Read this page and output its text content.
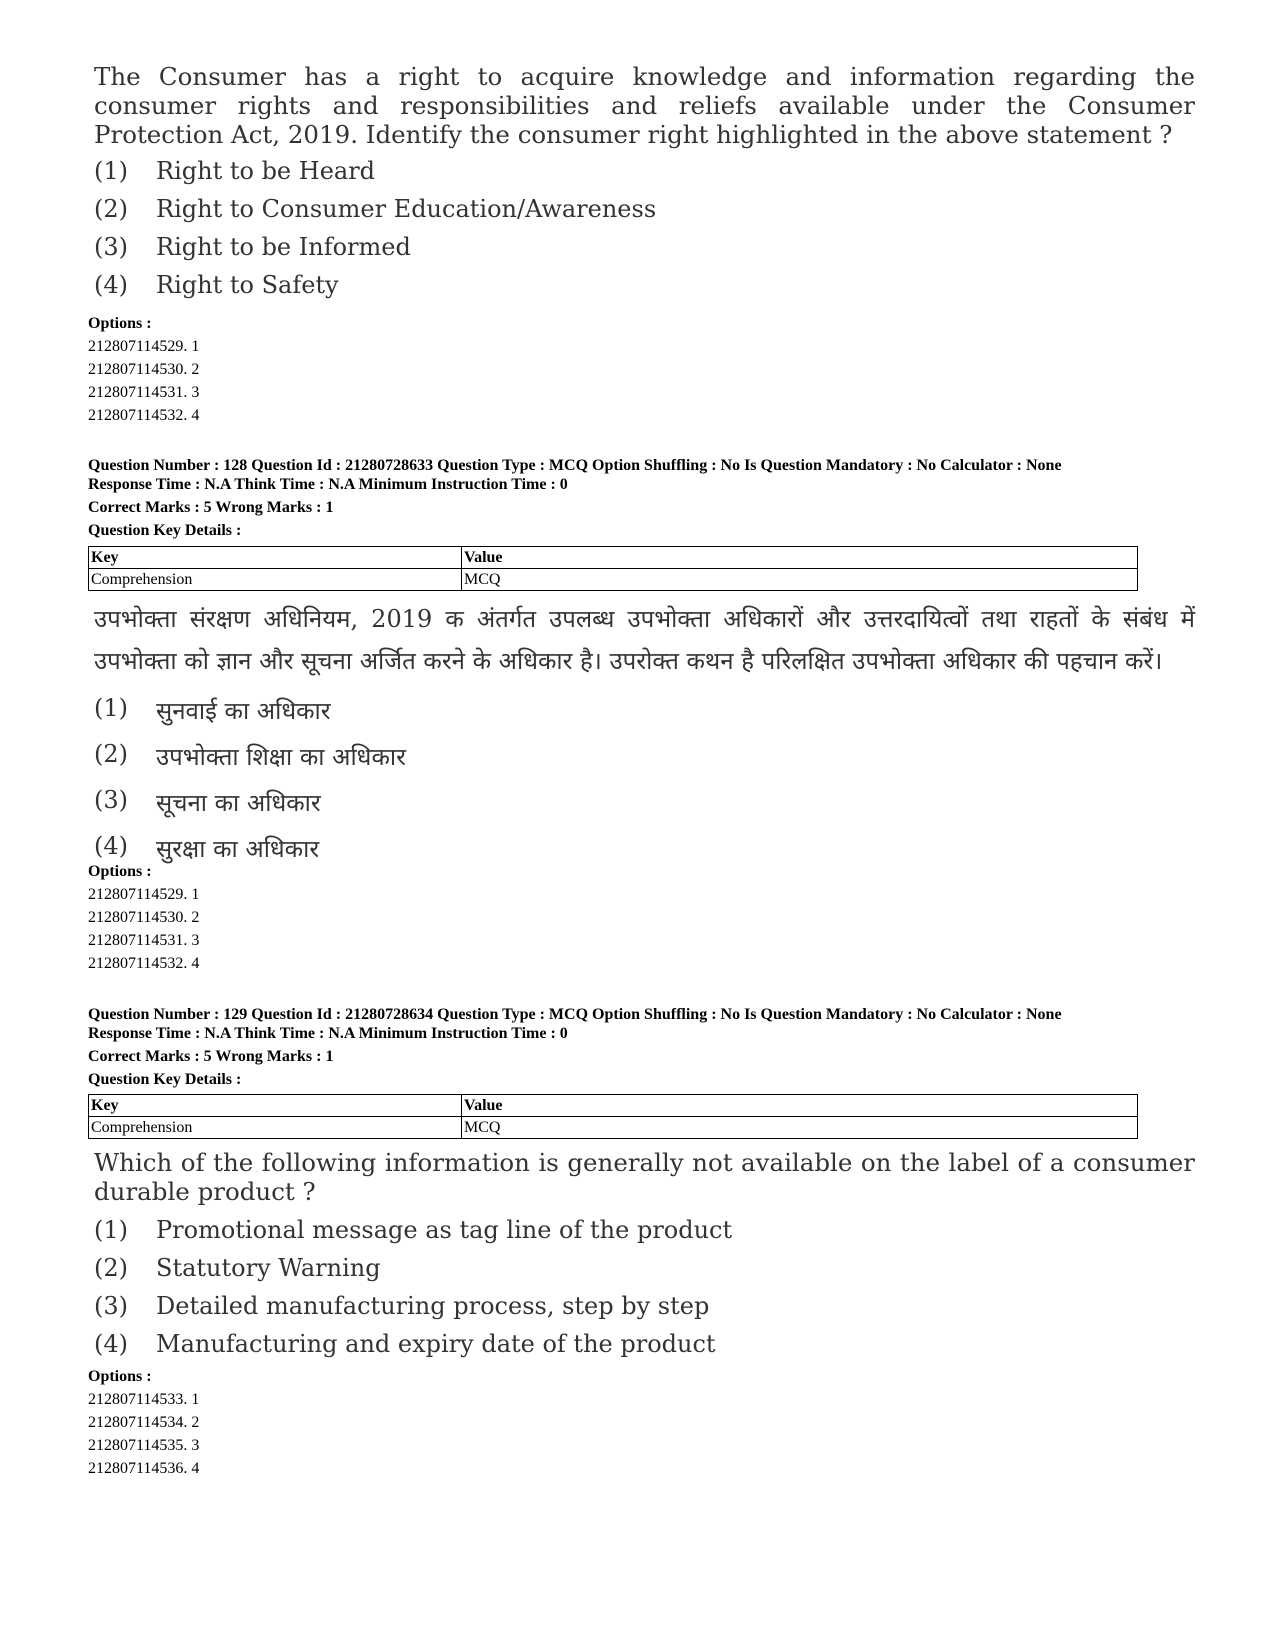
The Consumer has a right to acquire knowledge and information regarding the consumer rights and responsibilities and reliefs available under the Consumer Protection Act, 2019. Identify the consumer right highlighted in the above statement ?

(1)	Right to be Heard
(2)	Right to Consumer Education/Awareness
(3)	Right to be Informed
(4)	Right to Safety
Options :
212807114529. 1
212807114530. 2
212807114531. 3
212807114532. 4
Question Number : 128 Question Id : 21280728633 Question Type : MCQ Option Shuffling : No Is Question Mandatory : No Calculator : None
Response Time : N.A Think Time : N.A Minimum Instruction Time : 0
Correct Marks : 5 Wrong Marks : 1
Question Key Details :
Key	Value
Comprehension	MCQ

उपभोक्ता संरक्षण अधिनियम, 2019 क अंतर्गत उपलब्ध उपभोक्ता अधिकारों और उत्तरदायित्वों तथा राहतों के संबंध में उपभोक्ता को ज्ञान और सूचना अर्जित करने के अधिकार है। उपरोक्त कथन है परिलक्षित उपभोक्ता अधिकार की पहचान करें।

(1)	सुनवाई का अधिकार
(2)	उपभोक्ता शिक्षा का अधिकार
(3)	सूचना का अधिकार
(4)	सुरक्षा का अधिकार
Options :
212807114529. 1
212807114530. 2
212807114531. 3
212807114532. 4
Question Number : 129 Question Id : 21280728634 Question Type : MCQ Option Shuffling : No Is Question Mandatory : No Calculator : None
Response Time : N.A Think Time : N.A Minimum Instruction Time : 0
Correct Marks : 5 Wrong Marks : 1
Question Key Details :
Key	Value
Comprehension	MCQ

Which of the following information is generally not available on the label of a consumer durable product ?

(1)	Promotional message as tag line of the product
(2)	Statutory Warning
(3)	Detailed manufacturing process, step by step
(4)	Manufacturing and expiry date of the product
Options :
212807114533. 1
212807114534. 2
212807114535. 3
212807114536. 4
